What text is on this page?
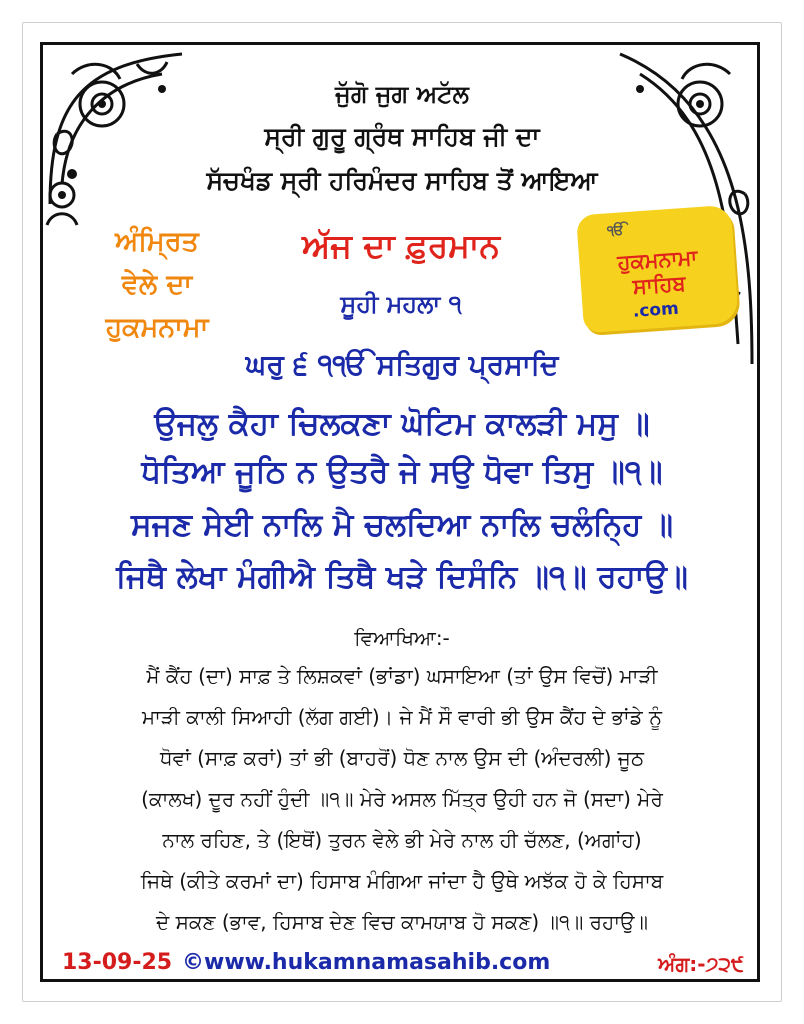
ਜੁੱਗੋ ਜੁਗ ਅਟੱਲ
ਸ੍ਰੀ ਗੁਰੂ ਗ੍ਰੰਥ ਸਾਹਿਬ ਜੀ ਦਾ
ਸੱਚਖੰਡ ਸ੍ਰੀ ਹਰਿਮੰਦਰ ਸਾਹਿਬ ਤੋਂ ਆਇਆ
ਅੰਮ੍ਰਿਤ
ਵੇਲੇ ਦਾ
ਹੁਕਮਨਾਮਾ
ਅੱਜ ਦਾ ਫ਼ੁਰਮਾਨ
ਸੂਹੀ ਮਹਲਾ ੧
ੴ
ਹੁਕਮਨਾਮਾ
ਸਾਹਿਬ
.com
ਘਰੁ ੬ ੧ੴ ਸਤਿਗੁਰ ਪ੍ਰਸਾਦਿ
ਉਜਲੁ ਕੈਹਾ ਚਿਲਕਣਾ ਘੋਟਿਮ ਕਾਲੜੀ ਮਸੁ ॥
ਧੋਤਿਆ ਜੂਠਿ ਨ ਉਤਰੈ ਜੇ ਸਉ ਧੋਵਾ ਤਿਸੁ ॥੧॥
ਸਜਣ ਸੇਈ ਨਾਲਿ ਮੈ ਚਲਦਿਆ ਨਾਲਿ ਚਲੰਨ੍ਹਿ ॥
ਜਿਥੈ ਲੇਖਾ ਮੰਗੀਐ ਤਿਥੈ ਖੜੇ ਦਿਸੰਨਿ ॥੧॥ ਰਹਾਉ॥
ਵਿਆਖਿਆ:-
ਮੈਂ ਕੈਂਹ (ਦਾ) ਸਾਫ਼ ਤੇ ਲਿਸ਼ਕਵਾਂ (ਭਾਂਡਾ) ਘਸਾਇਆ (ਤਾਂ ਉਸ ਵਿਚੋਂ) ਮਾੜੀ
ਮਾੜੀ ਕਾਲੀ ਸਿਆਹੀ (ਲੱਗ ਗਈ)। ਜੇ ਮੈਂ ਸੌ ਵਾਰੀ ਭੀ ਉਸ ਕੈਂਹ ਦੇ ਭਾਂਡੇ ਨੂੰ
ਧੋਵਾਂ (ਸਾਫ਼ ਕਰਾਂ) ਤਾਂ ਭੀ (ਬਾਹਰੋਂ) ਧੋਣ ਨਾਲ ਉਸ ਦੀ (ਅੰਦਰਲੀ) ਜੂਠ
(ਕਾਲਖ) ਦੂਰ ਨਹੀਂ ਹੁੰਦੀ ॥੧॥ ਮੇਰੇ ਅਸਲ ਮਿੱਤ੍ਰ ਉਹੀ ਹਨ ਜੋ (ਸਦਾ) ਮੇਰੇ
ਨਾਲ ਰਹਿਣ, ਤੇ (ਇਥੋਂ) ਤੁਰਨ ਵੇਲੇ ਭੀ ਮੇਰੇ ਨਾਲ ਹੀ ਚੱਲਣ, (ਅਗਾਂਹ)
ਜਿਥੇ (ਕੀਤੇ ਕਰਮਾਂ ਦਾ) ਹਿਸਾਬ ਮੰਗਿਆ ਜਾਂਦਾ ਹੈ ਉਥੇ ਅਝੱਕ ਹੋ ਕੇ ਹਿਸਾਬ
ਦੇ ਸਕਣ (ਭਾਵ, ਹਿਸਾਬ ਦੇਣ ਵਿਚ ਕਾਮਯਾਬ ਹੋ ਸਕਣ) ॥੧॥ ਰਹਾਉ॥
13-09-25 ©www.hukamnamasahib.com	ਅੰਗ:-੭੨੯
